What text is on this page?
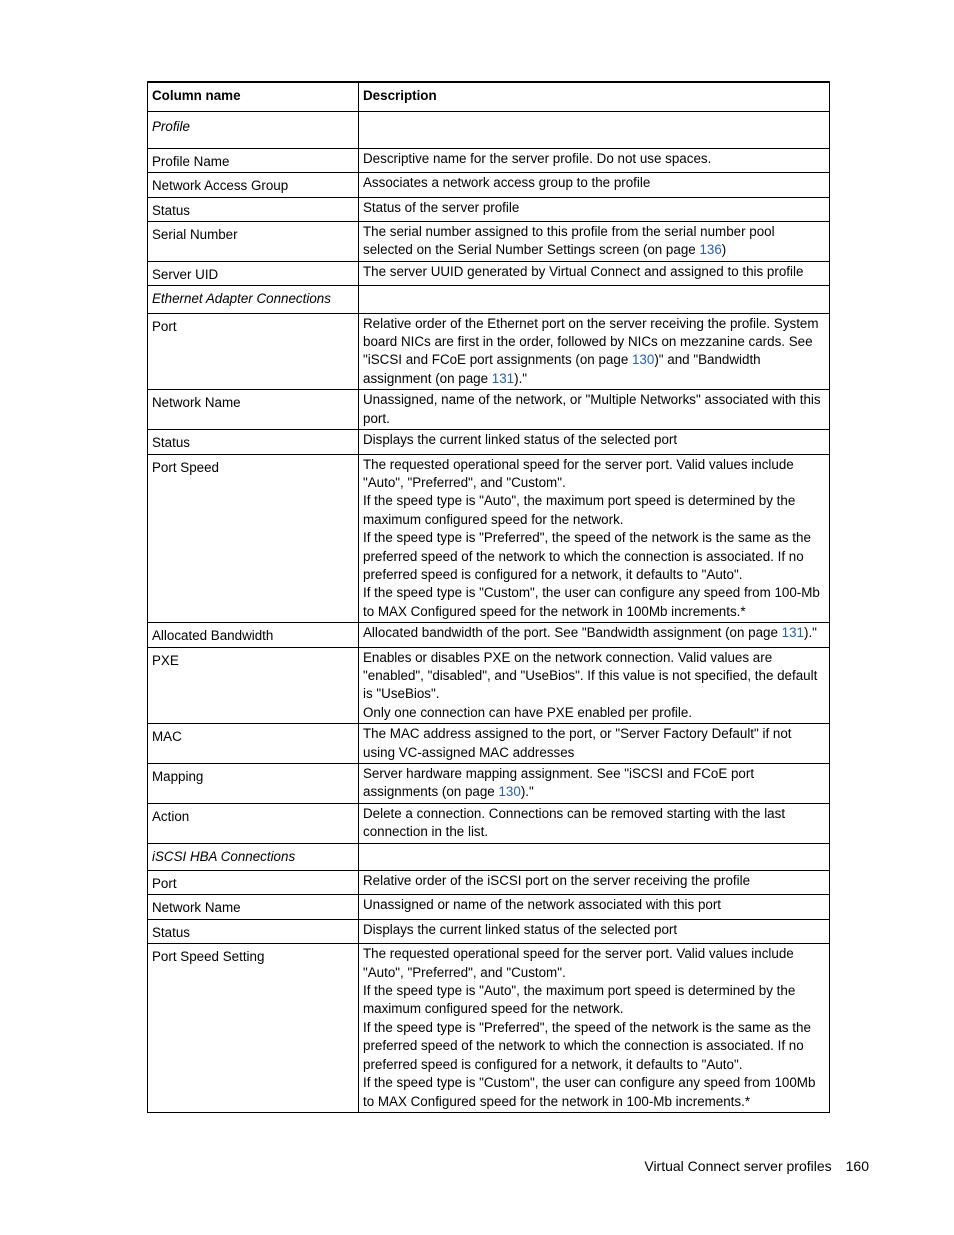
Column name	Description
Profile	
Profile Name	Descriptive name for the server profile. Do not use spaces.
Network Access Group	Associates a network access group to the profile
Status	Status of the server profile
Serial Number	The serial number assigned to this profile from the serial number pool selected on the Serial Number Settings screen (on page 136)
Server UID	The server UUID generated by Virtual Connect and assigned to this profile
Ethernet Adapter Connections	
Port	Relative order of the Ethernet port on the server receiving the profile. System board NICs are first in the order, followed by NICs on mezzanine cards. See "iSCSI and FCoE port assignments (on page 130)" and "Bandwidth assignment (on page 131)."
Network Name	Unassigned, name of the network, or "Multiple Networks" associated with this port.
Status	Displays the current linked status of the selected port
Port Speed	The requested operational speed for the server port. Valid values include "Auto", "Preferred", and "Custom".
If the speed type is "Auto", the maximum port speed is determined by the maximum configured speed for the network.
If the speed type is "Preferred", the speed of the network is the same as the preferred speed of the network to which the connection is associated. If no preferred speed is configured for a network, it defaults to "Auto".
If the speed type is "Custom", the user can configure any speed from 100-Mb to MAX Configured speed for the network in 100Mb increments.*

Allocated Bandwidth	Allocated bandwidth of the port. See "Bandwidth assignment (on page 131)."
PXE	Enables or disables PXE on the network connection. Valid values are "enabled", "disabled", and "UseBios". If this value is not specified, the default is "UseBios".
Only one connection can have PXE enabled per profile.

MAC	The MAC address assigned to the port, or "Server Factory Default" if not using VC-assigned MAC addresses
Mapping	Server hardware mapping assignment. See "iSCSI and FCoE port assignments (on page 130)."
Action	Delete a connection. Connections can be removed starting with the last connection in the list.
iSCSI HBA Connections	
Port	Relative order of the iSCSI port on the server receiving the profile
Network Name	Unassigned or name of the network associated with this port
Status	Displays the current linked status of the selected port
Port Speed Setting	The requested operational speed for the server port. Valid values include "Auto", "Preferred", and "Custom".
If the speed type is "Auto", the maximum port speed is determined by the maximum configured speed for the network.
If the speed type is "Preferred", the speed of the network is the same as the preferred speed of the network to which the connection is associated. If no preferred speed is configured for a network, it defaults to "Auto".
If the speed type is "Custom", the user can configure any speed from 100Mb to MAX Configured speed for the network in 100-Mb increments.*
Virtual Connect server profiles 160
